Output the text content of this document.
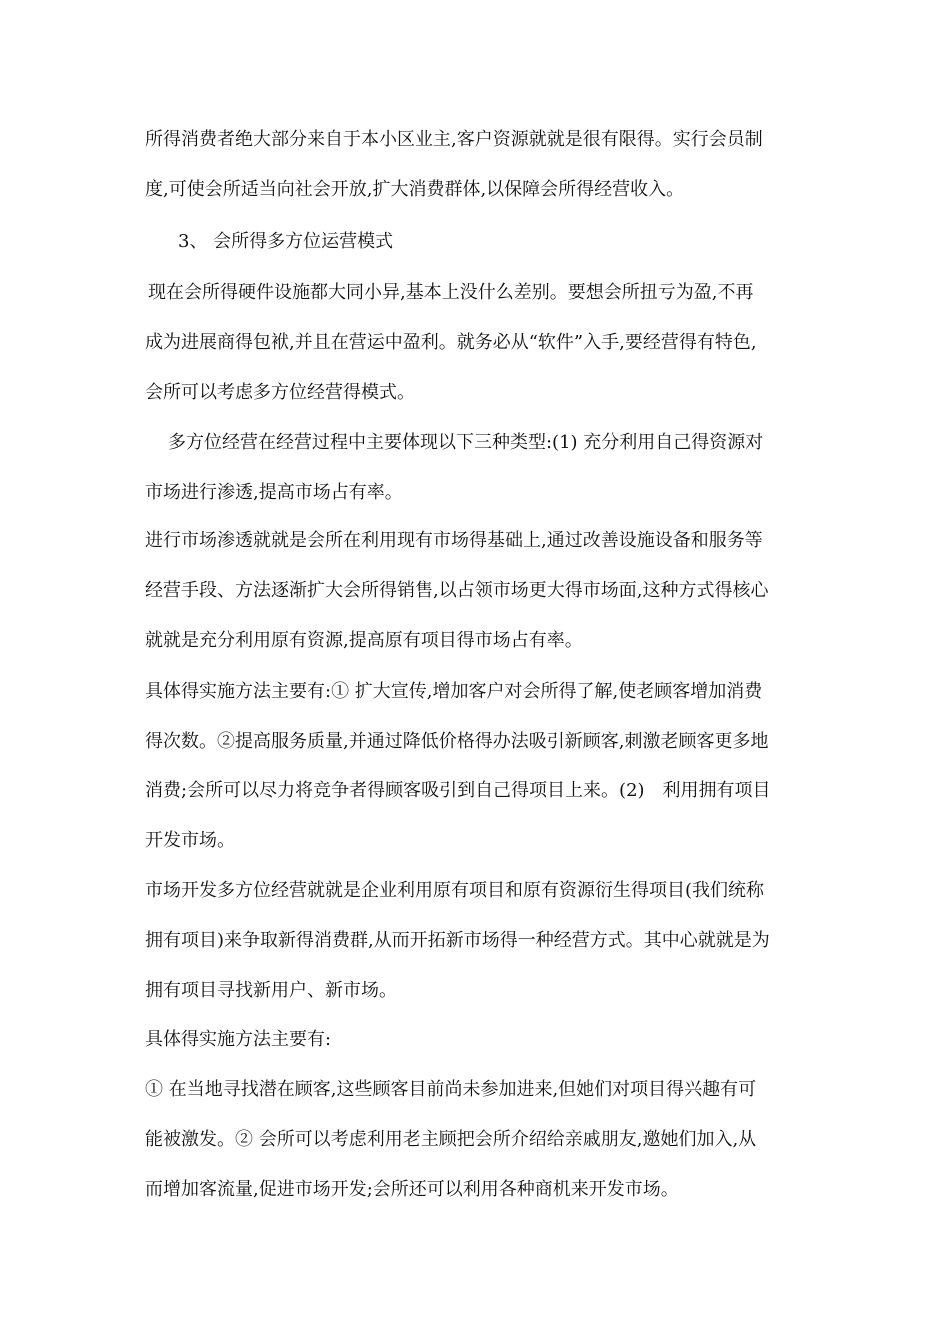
所得消费者绝大部分来自于本小区业主,客户资源就就是很有限得。实行会员制
度,可使会所适当向社会开放,扩大消费群体,以保障会所得经营收入。
3、 会所得多方位运营模式
现在会所得硬件设施都大同小异,基本上没什么差别。要想会所扭亏为盈,不再
成为进展商得包袱,并且在营运中盈利。就务必从“软件”入手,要经营得有特色,
会所可以考虑多方位经营得模式。
多方位经营在经营过程中主要体现以下三种类型:(1) 充分利用自己得资源对
市场进行渗透,提高市场占有率。
进行市场渗透就就是会所在利用现有市场得基础上,通过改善设施设备和服务等
经营手段、方法逐渐扩大会所得销售,以占领市场更大得市场面,这种方式得核心
就就是充分利用原有资源,提高原有项目得市场占有率。
具体得实施方法主要有:① 扩大宣传,增加客户对会所得了解,使老顾客增加消费
得次数。②提高服务质量,并通过降低价格得办法吸引新顾客,刺激老顾客更多地
消费;会所可以尽力将竞争者得顾客吸引到自己得项目上来。(2)　利用拥有项目
开发市场。
市场开发多方位经营就就是企业利用原有项目和原有资源衍生得项目(我们统称
拥有项目)来争取新得消费群,从而开拓新市场得一种经营方式。其中心就就是为
拥有项目寻找新用户、新市场。
具体得实施方法主要有:
① 在当地寻找潜在顾客,这些顾客目前尚未参加进来,但她们对项目得兴趣有可
能被激发。② 会所可以考虑利用老主顾把会所介绍给亲戚朋友,邀她们加入,从
而增加客流量,促进市场开发;会所还可以利用各种商机来开发市场。
